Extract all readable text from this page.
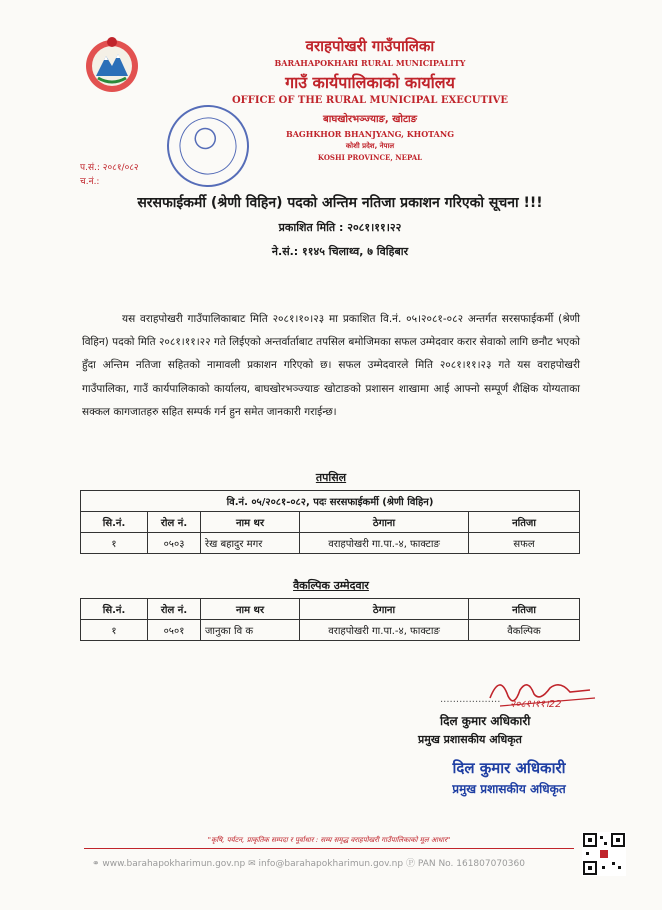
वराहपोखरी गाउँपालिका
BARAHAPOKHARI RURAL MUNICIPALITY
गाउँ कार्यपालिकाको कार्यालय
OFFICE OF THE RURAL MUNICIPAL EXECUTIVE
बाघखोरभञ्ज्याङ, खोटाङ
BAGHKHOR BHANJYANG, KHOTANG
कोशी प्रदेश, नेपाल
KOSHI PROVINCE, NEPAL
प.सं.: २०८१/०८२
च.नं.:
सरसफाईकर्मी (श्रेणी विहिन) पदको अन्तिम नतिजा प्रकाशन गरिएको सूचना !!!
प्रकाशित मिति : २०८१।११।२२
ने.सं.: ११४५ चिलाथ्व, ७ विहिबार
यस वराहपोखरी गाउँपालिकाबाट मिति २०८१।१०।२३ मा प्रकाशित वि.नं. ०५।२०८१-०८२ अन्तर्गत सरसफाईकर्मी (श्रेणी विहिन) पदको मिति २०८१।११।२२ गते लिईएको अन्तर्वार्ताबाट तपसिल बमोजिमका सफल उम्मेदवार करार सेवाको लागि छनौट भएको हुँदा अन्तिम नतिजा सहितको नामावली प्रकाशन गरिएको छ। सफल उम्मेदवारले मिति २०८१।११।२३ गते यस वराहपोखरी गाउँपालिका, गाउँ कार्यपालिकाको कार्यालय, बाघखोरभञ्ज्याङ खोटाङको प्रशासन शाखामा आई आफ्नो सम्पूर्ण शैक्षिक योग्यताका सक्कल कागजातहरु सहित सम्पर्क गर्न हुन समेत जानकारी गराईन्छ।
तपसिल
वि.नं. ०५/२०८१-०८२, पदः सरसफाईकर्मी (श्रेणी विहिन)				
सि.नं.	रोल नं.	नाम थर	ठेगाना	नतिजा
१	०५०३	रेख बहादुर मगर	वराहपोखरी गा.पा.-४, फाक्टाङ	सफल
वैकल्पिक उम्मेदवार
सि.नं.	रोल नं.	नाम थर	ठेगाना	नतिजा
१	०५०१	जानुका वि क	वराहपोखरी गा.पा.-४, फाक्टाङ	वैकल्पिक
२०८१।११।22
...................
दिल कुमार अधिकारी
प्रमुख प्रशासकीय अधिकृत
दिल कुमार अधिकारी
प्रमुख प्रशासकीय अधिकृत
"कृषि, पर्यटन, प्राकृतिक सम्पदा र पूर्वाधार : सम्य समृद्ध वराहपोखरी गाउँपालिकाको मूल आधार"
⚭ www.barahapokharimun.gov.np ✉ info@barahapokharimun.gov.np Ⓟ PAN No. 161807070360
